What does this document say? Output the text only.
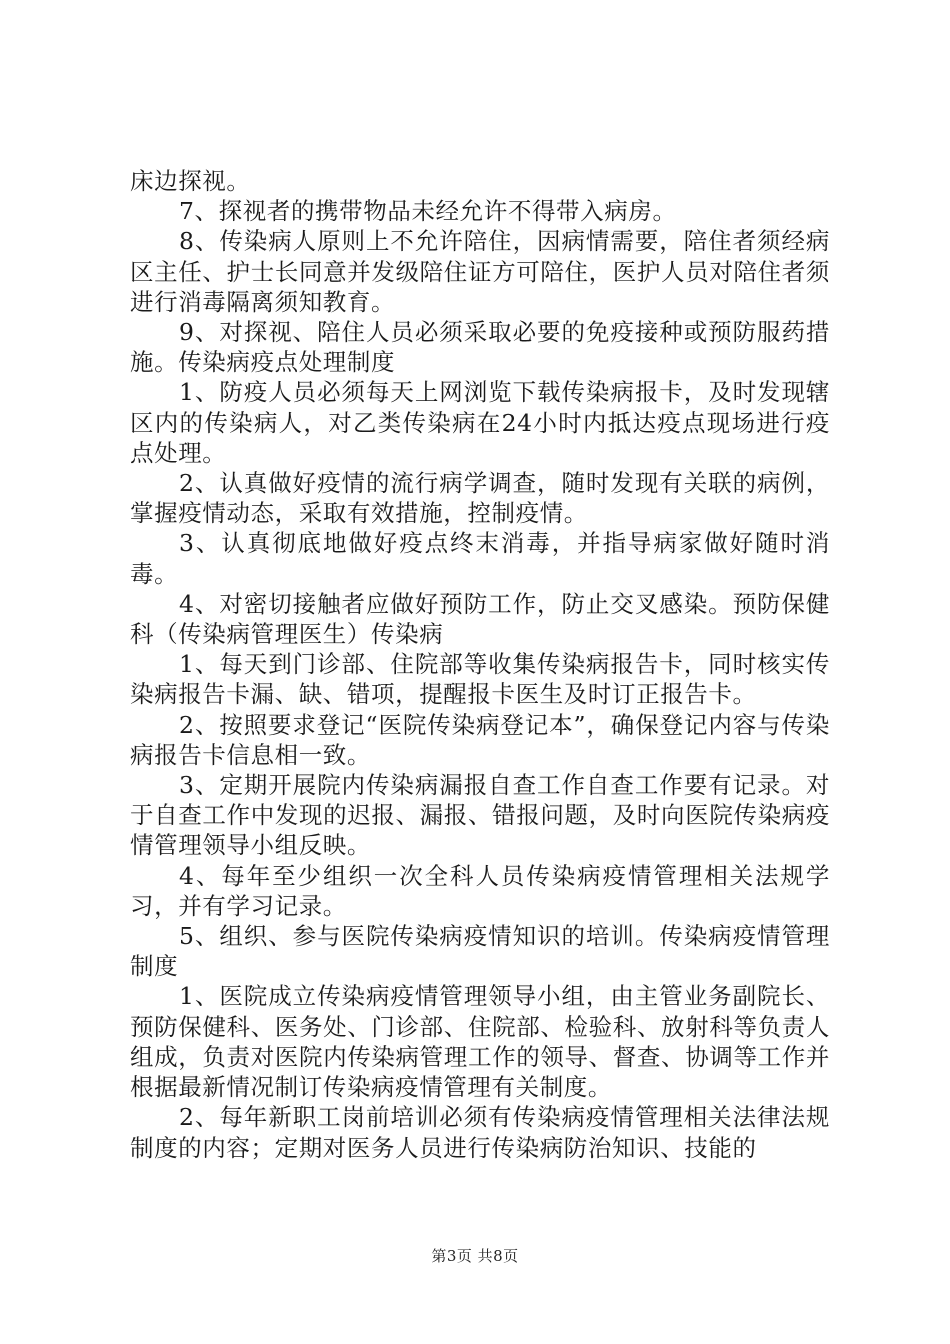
床边探视。

7、探视者的携带物品未经允许不得带入病房。

8、传染病人原则上不允许陪住，因病情需要，陪住者须经病区主任、护士长同意并发级陪住证方可陪住，医护人员对陪住者须进行消毒隔离须知教育。

9、对探视、陪住人员必须采取必要的免疫接种或预防服药措施。传染病疫点处理制度

1、防疫人员必须每天上网浏览下载传染病报卡，及时发现辖区内的传染病人，对乙类传染病在24小时内抵达疫点现场进行疫点处理。

2、认真做好疫情的流行病学调查，随时发现有关联的病例，掌握疫情动态，采取有效措施，控制疫情。

3、认真彻底地做好疫点终末消毒，并指导病家做好随时消毒。

4、对密切接触者应做好预防工作，防止交叉感染。预防保健科（传染病管理医生）传染病

1、每天到门诊部、住院部等收集传染病报告卡，同时核实传染病报告卡漏、缺、错项，提醒报卡医生及时订正报告卡。

2、按照要求登记“医院传染病登记本”，确保登记内容与传染病报告卡信息相一致。

3、定期开展院内传染病漏报自查工作自查工作要有记录。对于自查工作中发现的迟报、漏报、错报问题，及时向医院传染病疫情管理领导小组反映。

4、每年至少组织一次全科人员传染病疫情管理相关法规学习，并有学习记录。

5、组织、参与医院传染病疫情知识的培训。传染病疫情管理制度

1、医院成立传染病疫情管理领导小组，由主管业务副院长、预防保健科、医务处、门诊部、住院部、检验科、放射科等负责人组成，负责对医院内传染病管理工作的领导、督查、协调等工作并根据最新情况制订传染病疫情管理有关制度。

2、每年新职工岗前培训必须有传染病疫情管理相关法律法规制度的内容；定期对医务人员进行传染病防治知识、技能的

第3页 共8页
